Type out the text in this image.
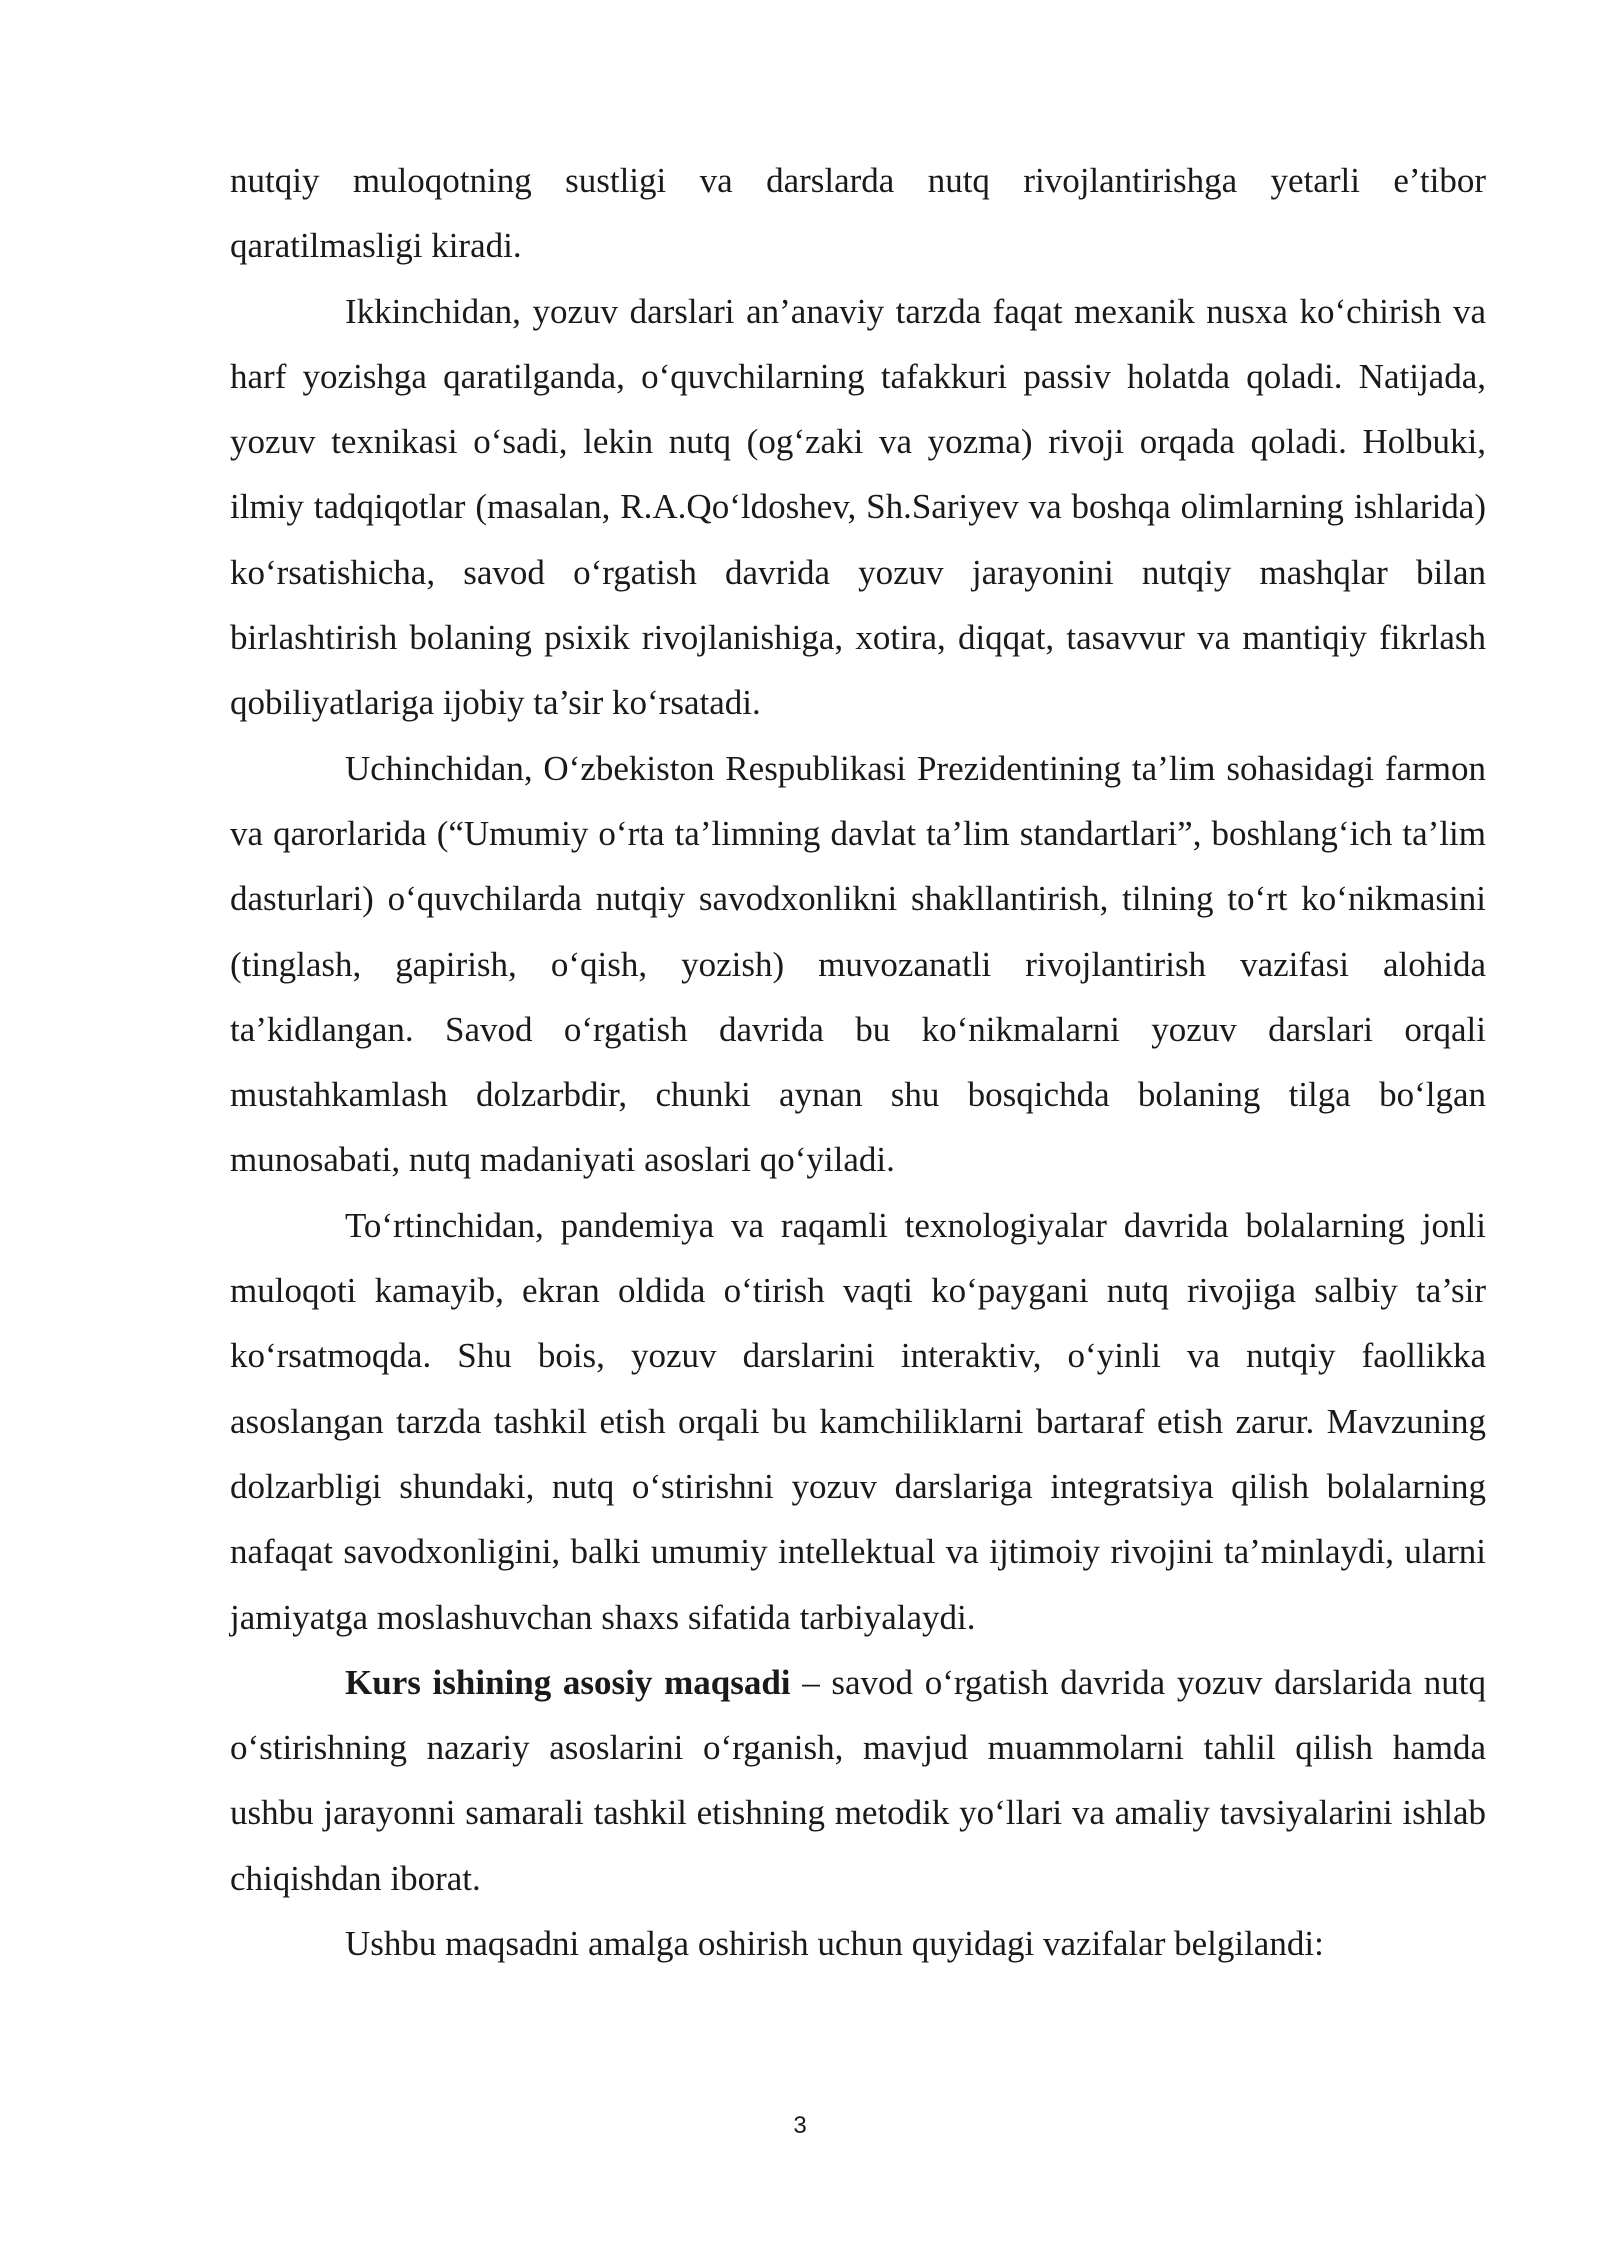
nutqiy muloqotning sustligi va darslarda nutq rivojlantirishga yetarli e’tibor qaratilmasligi kiradi.

Ikkinchidan, yozuv darslari an’anaviy tarzda faqat mexanik nusxa ko‘chirish va harf yozishga qaratilganda, o‘quvchilarning tafakkuri passiv holatda qoladi. Natijada, yozuv texnikasi o‘sadi, lekin nutq (og‘zaki va yozma) rivoji orqada qoladi. Holbuki, ilmiy tadqiqotlar (masalan, R.A.Qo‘ldoshev, Sh.Sariyev va boshqa olimlarning ishlarida) ko‘rsatishicha, savod o‘rgatish davrida yozuv jarayonini nutqiy mashqlar bilan birlashtirish bolaning psixik rivojlanishiga, xotira, diqqat, tasavvur va mantiqiy fikrlash qobiliyatlariga ijobiy ta’sir ko‘rsatadi.

Uchinchidan, O‘zbekiston Respublikasi Prezidentining ta’lim sohasidagi farmon va qarorlarida (“Umumiy o‘rta ta’limning davlat ta’lim standartlari”, boshlang‘ich ta’lim dasturlari) o‘quvchilarda nutqiy savodxonlikni shakllantirish, tilning to‘rt ko‘nikmasini (tinglash, gapirish, o‘qish, yozish) muvozanatli rivojlantirish vazifasi alohida ta’kidlangan. Savod o‘rgatish davrida bu ko‘nikmalarni yozuv darslari orqali mustahkamlash dolzarbdir, chunki aynan shu bosqichda bolaning tilga bo‘lgan munosabati, nutq madaniyati asoslari qo‘yiladi.

To‘rtinchidan, pandemiya va raqamli texnologiyalar davrida bolalarning jonli muloqoti kamayib, ekran oldida o‘tirish vaqti ko‘paygani nutq rivojiga salbiy ta’sir ko‘rsatmoqda. Shu bois, yozuv darslarini interaktiv, o‘yinli va nutqiy faollikka asoslangan tarzda tashkil etish orqali bu kamchiliklarni bartaraf etish zarur. Mavzuning dolzarbligi shundaki, nutq o‘stirishni yozuv darslariga integratsiya qilish bolalarning nafaqat savodxonligini, balki umumiy intellektual va ijtimoiy rivojini ta’minlaydi, ularni jamiyatga moslashuvchan shaxs sifatida tarbiyalaydi.

Kurs ishining asosiy maqsadi – savod o‘rgatish davrida yozuv darslarida nutq o‘stirishning nazariy asoslarini o‘rganish, mavjud muammolarni tahlil qilish hamda ushbu jarayonni samarali tashkil etishning metodik yo‘llari va amaliy tavsiyalarini ishlab chiqishdan iborat.

Ushbu maqsadni amalga oshirish uchun quyidagi vazifalar belgilandi:

3
